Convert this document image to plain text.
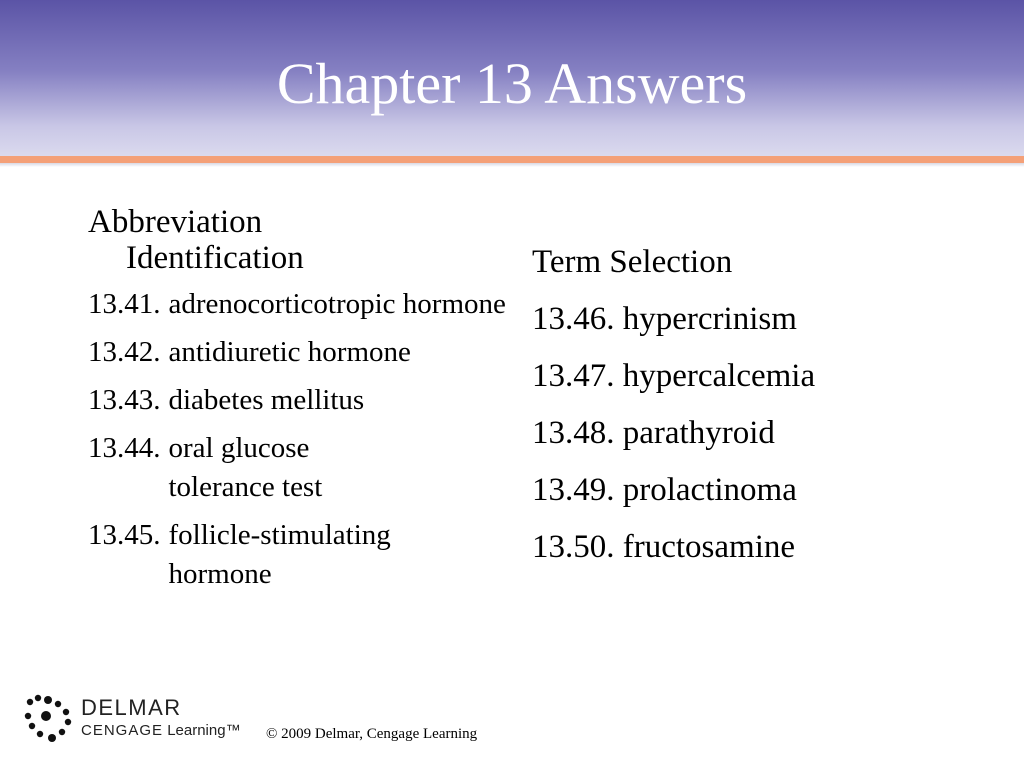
Chapter 13 Answers
Abbreviation
Identification
13.41. adrenocorticotropic hormone
13.42. antidiuretic hormone
13.43. diabetes mellitus
13.44. oral glucose tolerance test
13.45. follicle-stimulating hormone
Term Selection
13.46. hypercrinism
13.47. hypercalcemia
13.48. parathyroid
13.49. prolactinoma
13.50. fructosamine
DELMAR
CENGAGE Learning™ © 2009 Delmar, Cengage Learning
